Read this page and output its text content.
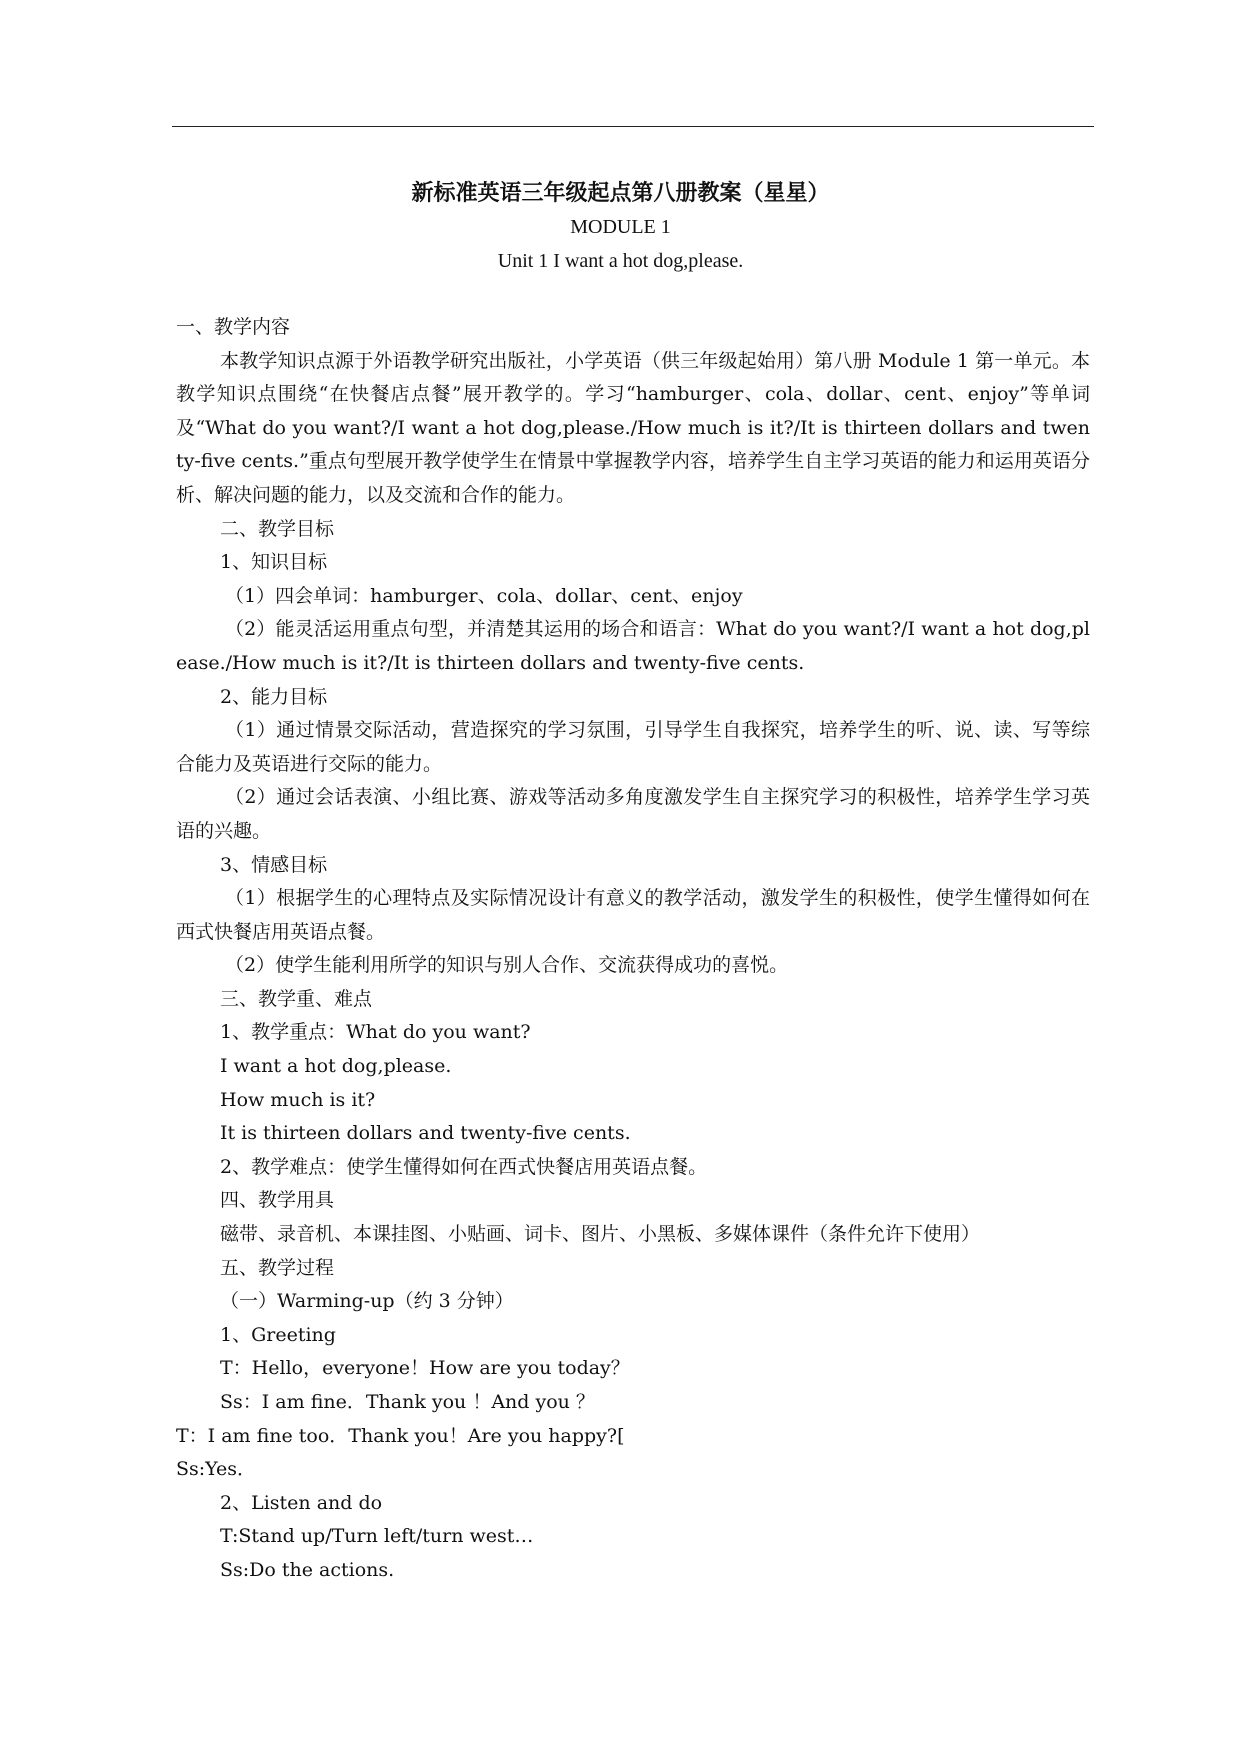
新标准英语三年级起点第八册教案（星星）
MODULE 1
Unit 1 I want a hot dog,please.

一、教学内容

本教学知识点源于外语教学研究出版社，小学英语（供三年级起始用）第八册 Module 1 第一单元。本教学知识点围绕“在快餐店点餐”展开教学的。学习“hamburger、cola、dollar、cent、enjoy”等单词及“What do you want?/I want a hot dog,please./How much is it?/It is thirteen dollars and twenty-five cents.”重点句型展开教学使学生在情景中掌握教学内容，培养学生自主学习英语的能力和运用英语分析、解决问题的能力，以及交流和合作的能力。

二、教学目标

1、知识目标

（1）四会单词：hamburger、cola、dollar、cent、enjoy

（2）能灵活运用重点句型，并清楚其运用的场合和语言：What do you want?/I want a hot dog,please./How much is it?/It is thirteen dollars and twenty-five cents.

2、能力目标

（1）通过情景交际活动，营造探究的学习氛围，引导学生自我探究，培养学生的听、说、读、写等综合能力及英语进行交际的能力。

（2）通过会话表演、小组比赛、游戏等活动多角度激发学生自主探究学习的积极性，培养学生学习英语的兴趣。

3、情感目标

（1）根据学生的心理特点及实际情况设计有意义的教学活动，激发学生的积极性，使学生懂得如何在西式快餐店用英语点餐。

（2）使学生能利用所学的知识与别人合作、交流获得成功的喜悦。

三、教学重、难点

1、教学重点：What do you want?

I want a hot dog,please.

How much is it?

It is thirteen dollars and twenty-five cents.

2、教学难点：使学生懂得如何在西式快餐店用英语点餐。

四、教学用具

磁带、录音机、本课挂图、小贴画、词卡、图片、小黑板、多媒体课件（条件允许下使用）

五、教学过程

（一）Warming-up（约 3 分钟）

1、Greeting

T：Hello，everyone！How are you today？

Ss：I am fine．Thank you ！And you ？

T：I am fine too．Thank you！Are you happy?[

Ss:Yes．

2、Listen and do

T:Stand up/Turn left/turn west…

Ss:Do the actions.
